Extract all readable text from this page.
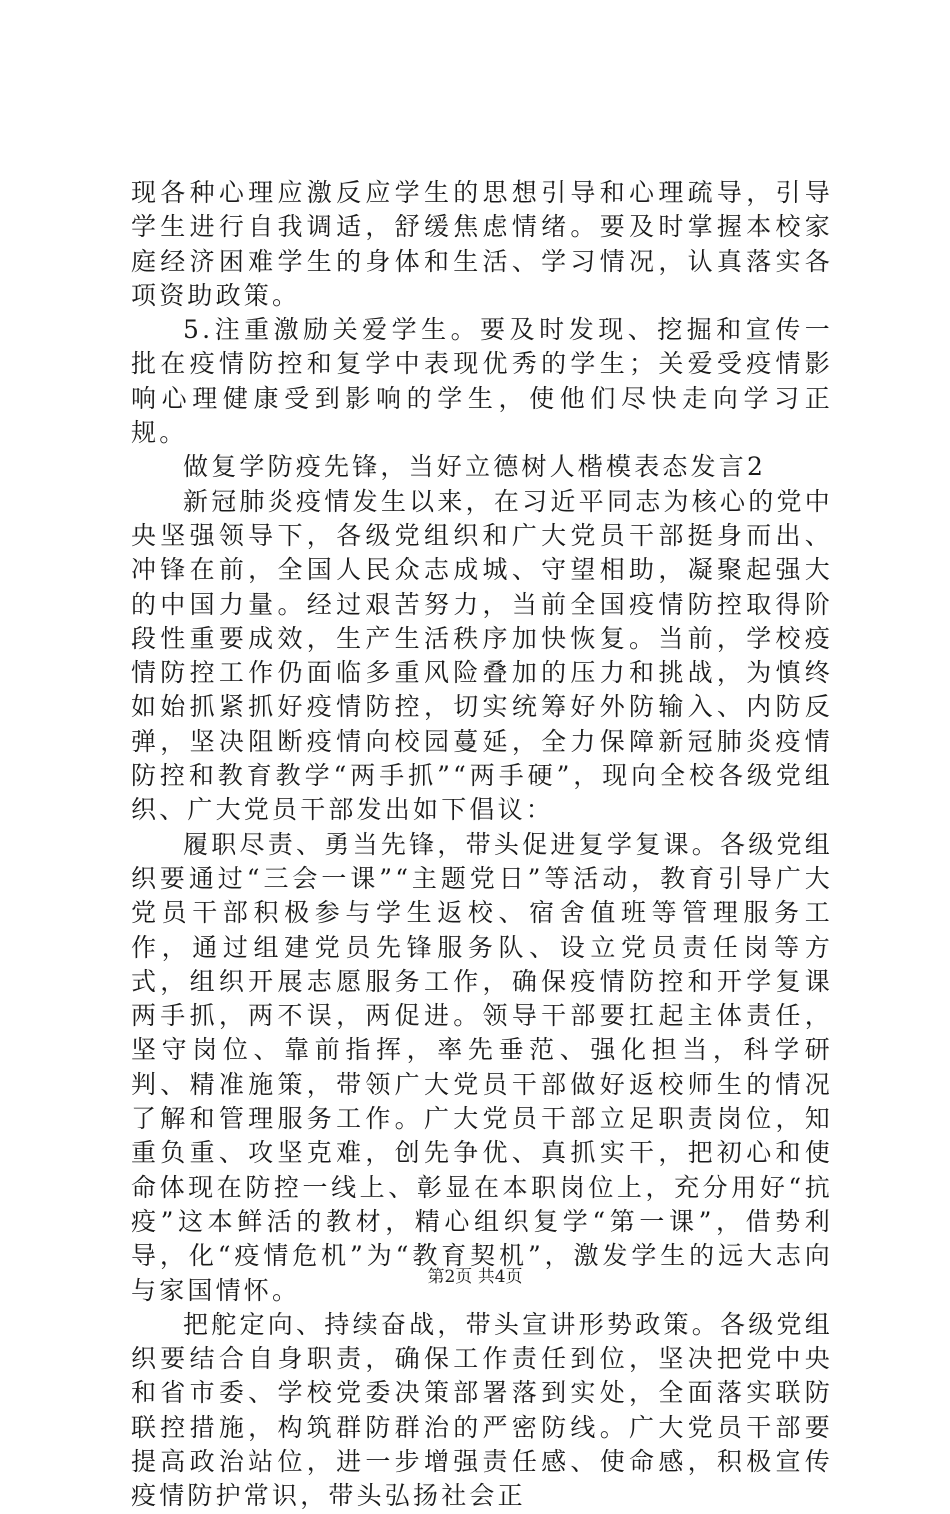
现各种心理应激反应学生的思想引导和心理疏导，引导学生进行自我调适，舒缓焦虑情绪。要及时掌握本校家庭经济困难学生的身体和生活、学习情况，认真落实各项资助政策。

5.注重激励关爱学生。要及时发现、挖掘和宣传一批在疫情防控和复学中表现优秀的学生；关爱受疫情影响心理健康受到影响的学生，使他们尽快走向学习正规。

做复学防疫先锋，当好立德树人楷模表态发言2

新冠肺炎疫情发生以来，在习近平同志为核心的党中央坚强领导下，各级党组织和广大党员干部挺身而出、冲锋在前，全国人民众志成城、守望相助，凝聚起强大的中国力量。经过艰苦努力，当前全国疫情防控取得阶段性重要成效，生产生活秩序加快恢复。当前，学校疫情防控工作仍面临多重风险叠加的压力和挑战，为慎终如始抓紧抓好疫情防控，切实统筹好外防输入、内防反弹，坚决阻断疫情向校园蔓延，全力保障新冠肺炎疫情防控和教育教学“两手抓”“两手硬”，现向全校各级党组织、广大党员干部发出如下倡议：

履职尽责、勇当先锋，带头促进复学复课。各级党组织要通过“三会一课”“主题党日”等活动，教育引导广大党员干部积极参与学生返校、宿舍值班等管理服务工作，通过组建党员先锋服务队、设立党员责任岗等方式，组织开展志愿服务工作，确保疫情防控和开学复课两手抓，两不误，两促进。领导干部要扛起主体责任，坚守岗位、靠前指挥，率先垂范、强化担当，科学研判、精准施策，带领广大党员干部做好返校师生的情况了解和管理服务工作。广大党员干部立足职责岗位，知重负重、攻坚克难，创先争优、真抓实干，把初心和使命体现在防控一线上、彰显在本职岗位上，充分用好“抗疫”这本鲜活的教材，精心组织复学“第一课”，借势利导，化“疫情危机”为“教育契机”，激发学生的远大志向与家国情怀。

把舵定向、持续奋战，带头宣讲形势政策。各级党组织要结合自身职责，确保工作责任到位，坚决把党中央和省市委、学校党委决策部署落到实处，全面落实联防联控措施，构筑群防群治的严密防线。广大党员干部要提高政治站位，进一步增强责任感、使命感，积极宣传疫情防护常识，带头弘扬社会正

第2页 共4页
